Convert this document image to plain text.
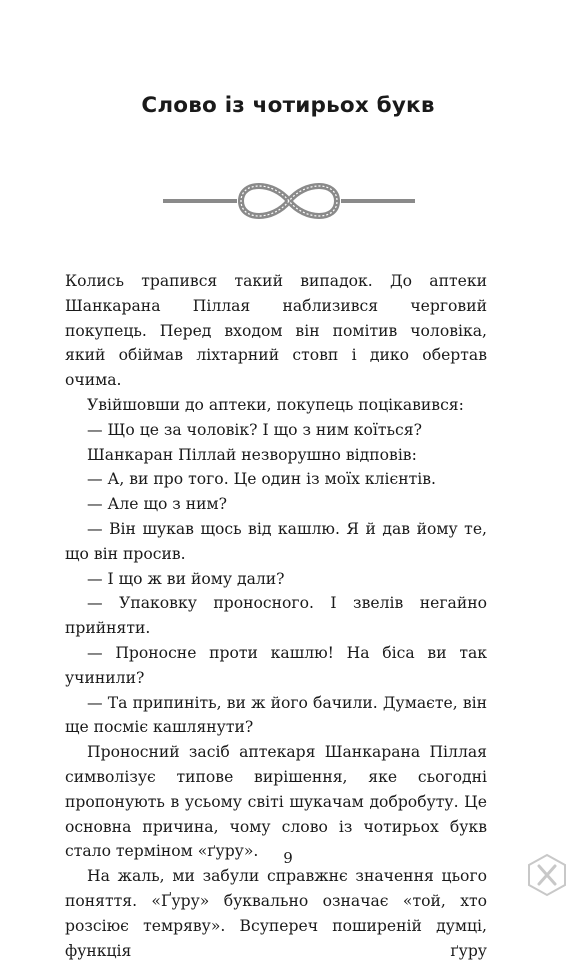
Слово із чотирьох букв

Колись трапився такий випадок. До аптеки Шанкарана Піллая наблизився черговий покупець. Перед входом він помітив чоловіка, який обіймав ліхтарний стовп і дико обертав очима.

Увійшовши до аптеки, покупець поцікавився:

— Що це за чоловік? І що з ним коїться?

Шанкаран Піллай незворушно відповів:

— А, ви про того. Це один із моїх клієнтів.

— Але що з ним?

— Він шукав щось від кашлю. Я й дав йому те, що він просив.

— І що ж ви йому дали?

— Упаковку проносного. І звелів негайно прийняти.

— Проносне проти кашлю! На біса ви так учинили?

— Та припиніть, ви ж його бачили. Думаєте, він ще посміє кашлянути?

Проносний засіб аптекаря Шанкарана Піллая символізує типове вирішення, яке сьогодні пропонують в усьому світі шукачам добробуту. Це основна причина, чому слово із чотирьох букв стало терміном «ґуру».

На жаль, ми забули справжнє значення цього поняття. «Ґуру» буквально означає «той, хто розсіює темряву». Всупереч поширеній думці, функція ґуру

9
